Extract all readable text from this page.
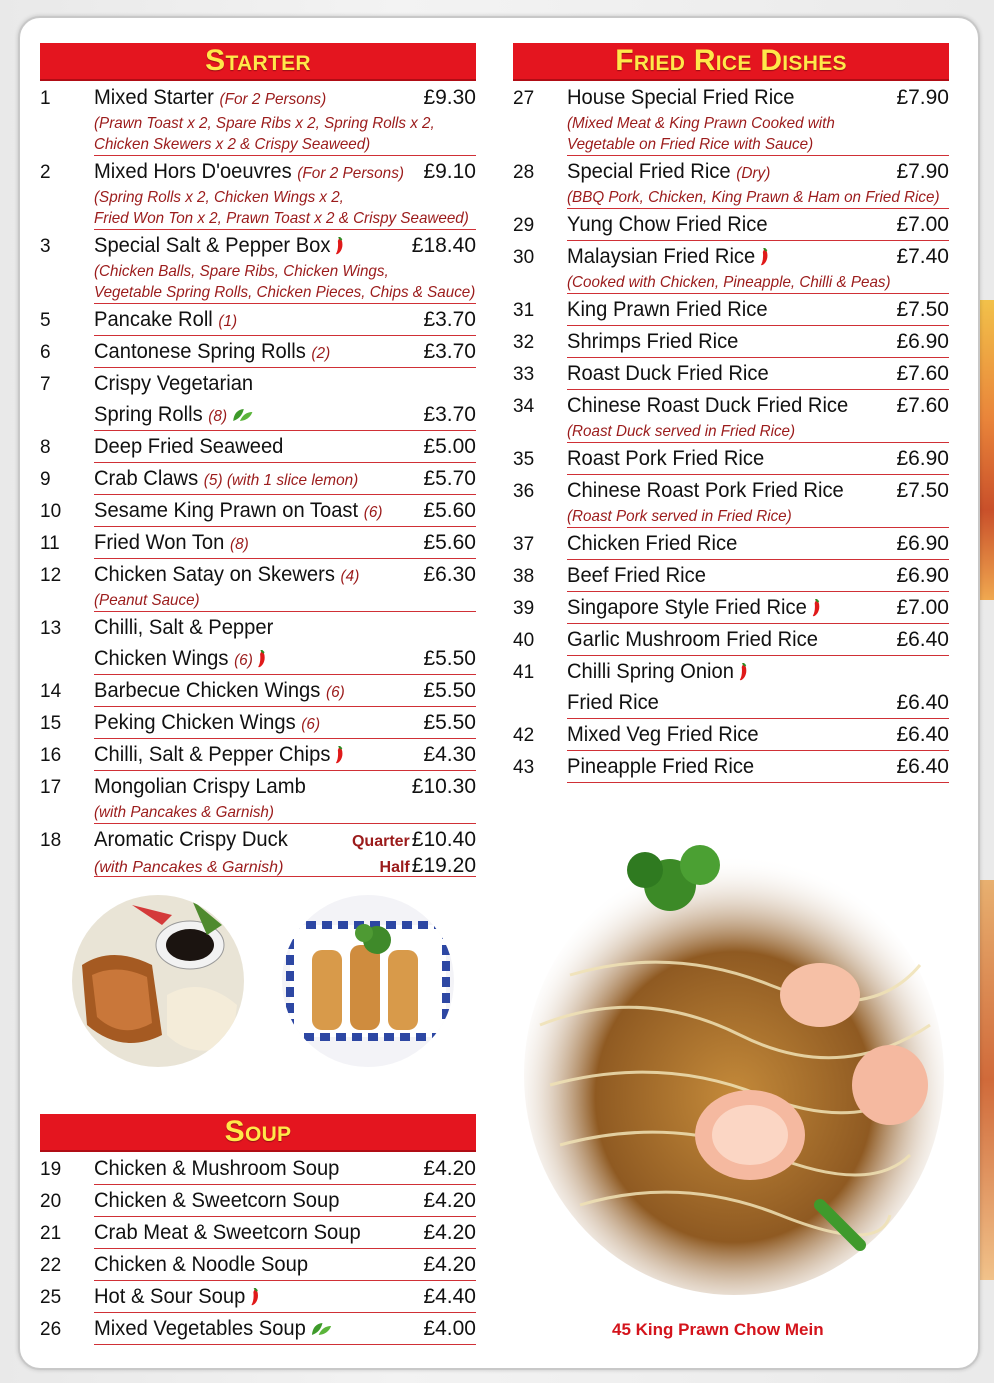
Starter	Fried Rice Dishes
Soup
1	Mixed Starter (For 2 Persons)	£9.30
(Prawn Toast x 2, Spare Ribs x 2, Spring Rolls x 2,
Chicken Skewers x 2 & Crispy Seaweed)
2	Mixed Hors D'oeuvres (For 2 Persons) £9.10
(Spring Rolls x 2, Chicken Wings x 2,
Fried Won Ton x 2, Prawn Toast x 2 & Crispy Seaweed)
3	Special Salt & Pepper Box	£18.40
(Chicken Balls, Spare Ribs, Chicken Wings,
Vegetable Spring Rolls, Chicken Pieces, Chips & Sauce)
5	Pancake Roll (1)	£3.70
6	Cantonese Spring Rolls (2)	£3.70
7	Crispy Vegetarian
Spring Rolls (8)	£3.70
8	Deep Fried Seaweed	£5.00
9	Crab Claws (5) (with 1 slice lemon)	£5.70
10	Sesame King Prawn on Toast (6)	£5.60
11	Fried Won Ton (8)	£5.60
12	Chicken Satay on Skewers (4)	£6.30
(Peanut Sauce)
13	Chilli, Salt & Pepper
Chicken Wings (6)	£5.50
14	Barbecue Chicken Wings (6)	£5.50
15	Peking Chicken Wings (6)	£5.50
16	Chilli, Salt & Pepper Chips	£4.30
17	Mongolian Crispy Lamb	£10.30
(with Pancakes & Garnish)
18	Aromatic Crispy Duck	Quarter £10.40
(with Pancakes & Garnish)	Half £19.20
27	House Special Fried Rice	£7.90
(Mixed Meat & King Prawn Cooked with
Vegetable on Fried Rice with Sauce)
28	Special Fried Rice (Dry)	£7.90
(BBQ Pork, Chicken, King Prawn & Ham on Fried Rice)
29	Yung Chow Fried Rice	£7.00
30	Malaysian Fried Rice	£7.40
(Cooked with Chicken, Pineapple, Chilli & Peas)
31	King Prawn Fried Rice	£7.50
32	Shrimps Fried Rice	£6.90
33	Roast Duck Fried Rice	£7.60
34	Chinese Roast Duck Fried Rice	£7.60
(Roast Duck served in Fried Rice)
35	Roast Pork Fried Rice	£6.90
36	Chinese Roast Pork Fried Rice	£7.50
(Roast Pork served in Fried Rice)
37	Chicken Fried Rice	£6.90
38	Beef Fried Rice	£6.90
39	Singapore Style Fried Rice	£7.00
40	Garlic Mushroom Fried Rice	£6.40
41	Chilli Spring Onion
Fried Rice	£6.40
42	Mixed Veg Fried Rice	£6.40
43	Pineapple Fried Rice	£6.40
19	Chicken & Mushroom Soup	£4.20
20	Chicken & Sweetcorn Soup	£4.20
21	Crab Meat & Sweetcorn Soup	£4.20
22	Chicken & Noodle Soup	£4.20
25	Hot & Sour Soup	£4.40
26	Mixed Vegetables Soup	£4.00	45 King Prawn Chow Mein
